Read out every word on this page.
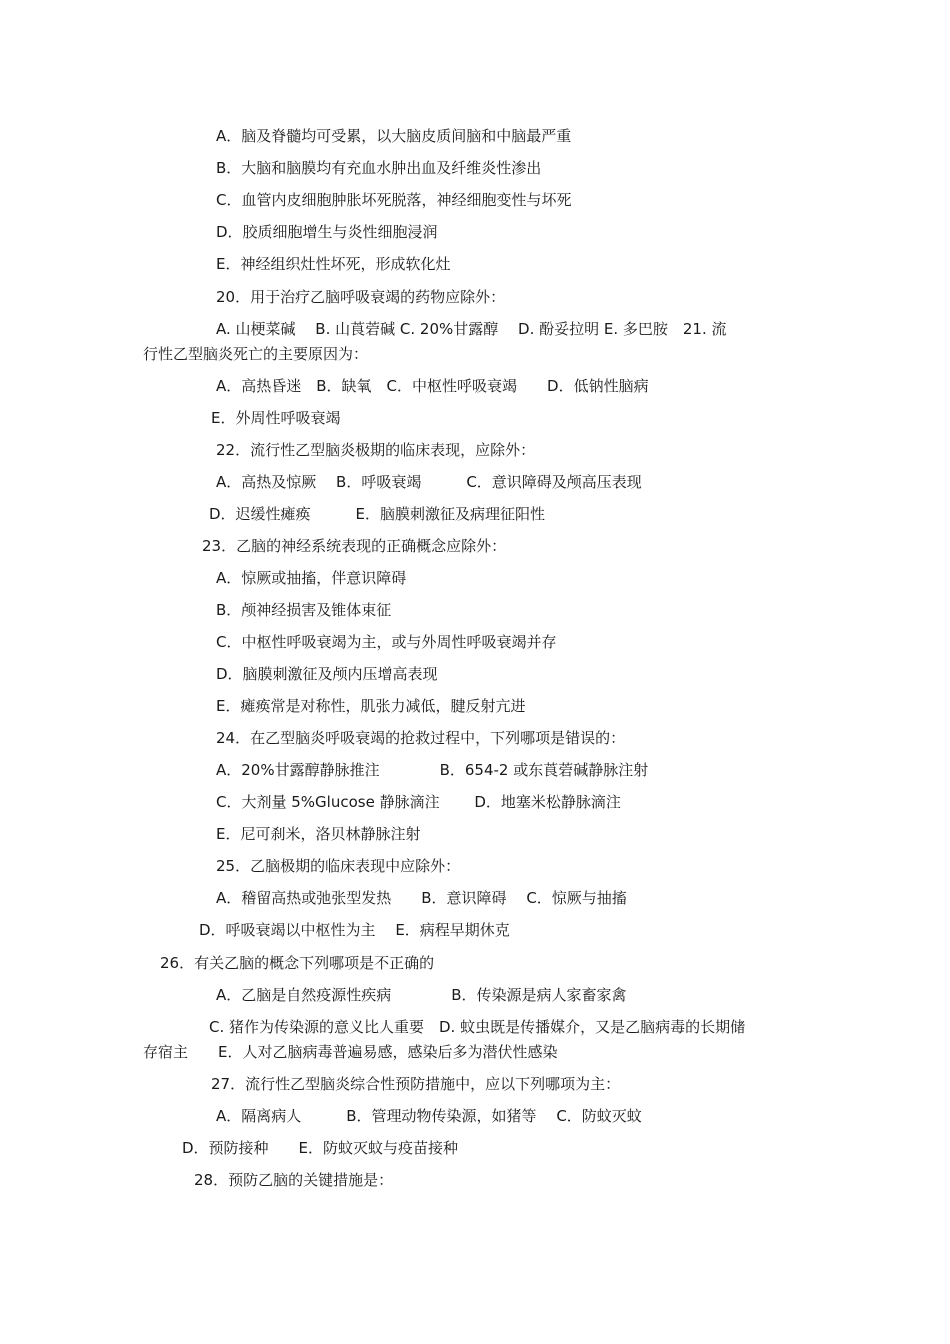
A．脑及脊髓均可受累，以大脑皮质间脑和中脑最严重
B．大脑和脑膜均有充血水肿出血及纤维炎性渗出
C．血管内皮细胞肿胀坏死脱落，神经细胞变性与坏死
D．胶质细胞增生与炎性细胞浸润
E．神经组织灶性坏死，形成软化灶
20．用于治疗乙脑呼吸衰竭的药物应除外：
A. 山梗菜碱　 B. 山莨菪碱 C. 20%甘露醇　 D. 酚妥拉明 E. 多巴胺　21. 流
行性乙型脑炎死亡的主要原因为：
A．高热昏迷　B．缺氧　C．中枢性呼吸衰竭　　D．低钠性脑病
E．外周性呼吸衰竭
22．流行性乙型脑炎极期的临床表现，应除外：
A．高热及惊厥　 B．呼吸衰竭　　　C．意识障碍及颅高压表现
D．迟缓性瘫痪　　　E．脑膜刺激征及病理征阳性
23．乙脑的神经系统表现的正确概念应除外：
A．惊厥或抽搐，伴意识障碍
B．颅神经损害及锥体束征
C．中枢性呼吸衰竭为主，或与外周性呼吸衰竭并存
D．脑膜刺激征及颅内压增高表现
E．瘫痪常是对称性，肌张力减低，腱反射亢进
24．在乙型脑炎呼吸衰竭的抢救过程中，下列哪项是错误的：
A．20%甘露醇静脉推注　　　　B．654-2 或东莨菪碱静脉注射
C．大剂量 5%Glucose 静脉滴注　　 D．地塞米松静脉滴注
E．尼可刹米，洛贝林静脉注射
25．乙脑极期的临床表现中应除外：
A．稽留高热或弛张型发热　　B．意识障碍　 C．惊厥与抽搐
D．呼吸衰竭以中枢性为主　 E．病程早期休克
26．有关乙脑的概念下列哪项是不正确的
A．乙脑是自然疫源性疾病　　　　B．传染源是病人家畜家禽
C. 猪作为传染源的意义比人重要　D. 蚊虫既是传播媒介，又是乙脑病毒的长期储
存宿主　　E．人对乙脑病毒普遍易感，感染后多为潜伏性感染
27．流行性乙型脑炎综合性预防措施中，应以下列哪项为主：
A．隔离病人　　　B．管理动物传染源，如猪等　 C．防蚊灭蚊
D．预防接种　　E．防蚊灭蚊与疫苗接种
28．预防乙脑的关键措施是：
